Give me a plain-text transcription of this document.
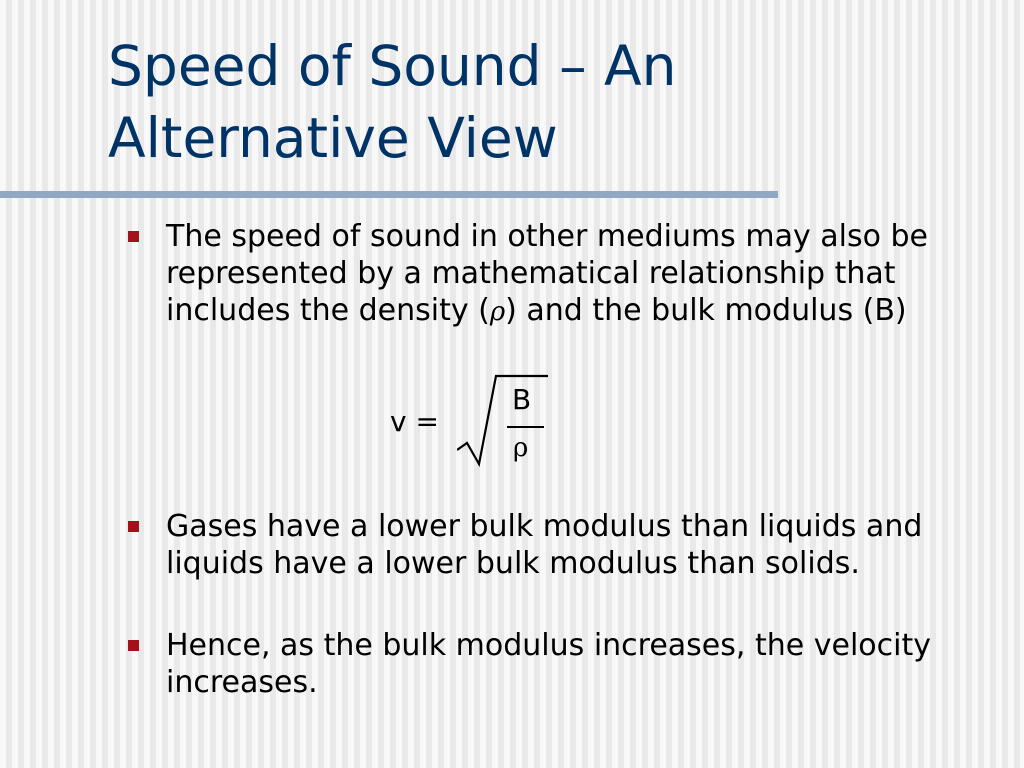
Speed of Sound – An Alternative View
The speed of sound in other mediums may also be represented by a mathematical relationship that includes the density (ρ) and the bulk modulus (B)
v =
B
ρ
Gases have a lower bulk modulus than liquids and liquids have a lower bulk modulus than solids.
Hence, as the bulk modulus increases, the velocity increases.
